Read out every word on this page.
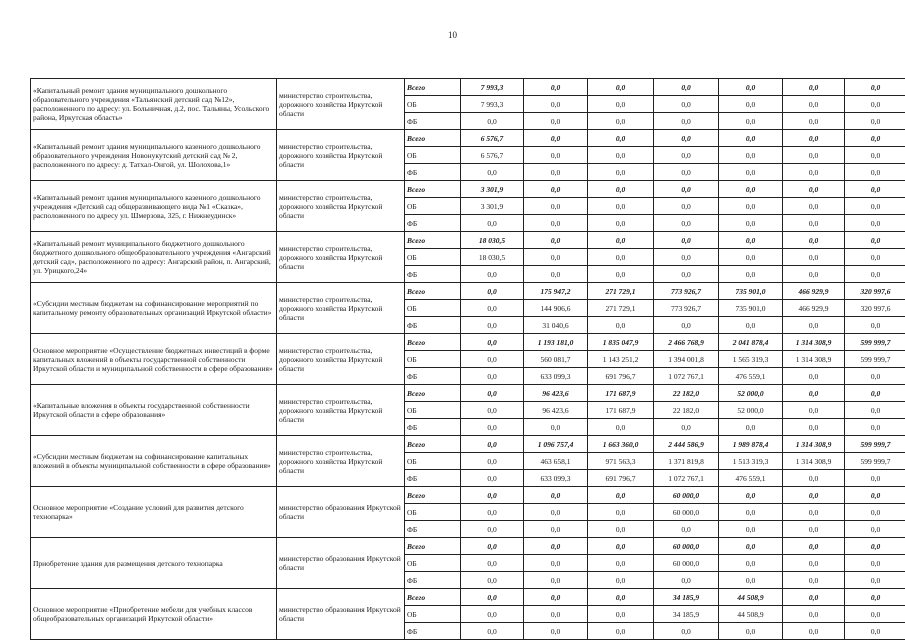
10
«Капитальный ремонт здания муниципального дошкольного образовательного учреждения «Тальянский детский сад №12», расположенного по адресу: ул. Больничная, д.2, пос. Тальяны, Усольского района, Иркутская область»	министерство строительства, дорожного хозяйства Иркутской области	Всего	7 993,3	0,0	0,0	0,0	0,0	0,0	0,0
		ОБ	7 993,3	0,0	0,0	0,0	0,0	0,0	0,0
		ФБ	0,0	0,0	0,0	0,0	0,0	0,0	0,0
«Капитальный ремонт здания муниципального казенного дошкольного образовательного учреждения Новонукутский детский сад № 2, расположенного по адресу: д. Татхал-Онгой, ул. Шолохова,1»	министерство строительства, дорожного хозяйства Иркутской области	Всего	6 576,7	0,0	0,0	0,0	0,0	0,0	0,0
		ОБ	6 576,7	0,0	0,0	0,0	0,0	0,0	0,0
		ФБ	0,0	0,0	0,0	0,0	0,0	0,0	0,0
«Капитальный ремонт здания муниципального казенного дошкольного учреждения «Детский сад общеразвивающего вида №1 «Сказка», расположенного по адресу ул. Шмерзова, 325, г. Нижнеудинск»	министерство строительства, дорожного хозяйства Иркутской области	Всего	3 301,9	0,0	0,0	0,0	0,0	0,0	0,0
		ОБ	3 301,9	0,0	0,0	0,0	0,0	0,0	0,0
		ФБ	0,0	0,0	0,0	0,0	0,0	0,0	0,0
«Капитальный ремонт муниципального бюджетного дошкольного бюджетного дошкольного общеобразовательного учреждения «Ангарский детский сад», расположенного по адресу: Ангарский район, п. Ангарский, ул. Урицкого,24»	министерство строительства, дорожного хозяйства Иркутской области	Всего	18 030,5	0,0	0,0	0,0	0,0	0,0	0,0
		ОБ	18 030,5	0,0	0,0	0,0	0,0	0,0	0,0
		ФБ	0,0	0,0	0,0	0,0	0,0	0,0	0,0
«Субсидии местным бюджетам на софинансирование мероприятий по капитальному ремонту образовательных организаций Иркутской области»	министерство строительства, дорожного хозяйства Иркутской области	Всего	0,0	175 947,2	271 729,1	773 926,7	735 901,0	466 929,9	320 997,6
		ОБ	0,0	144 906,6	271 729,1	773 926,7	735 901,0	466 929,9	320 997,6
		ФБ	0,0	31 040,6	0,0	0,0	0,0	0,0	0,0
Основное мероприятие «Осуществление бюджетных инвестиций в форме капитальных вложений в объекты государственной собственности Иркутской области и муниципальной собственности в сфере образования»	министерство строительства, дорожного хозяйства Иркутской области	Всего	0,0	1 193 181,0	1 835 047,9	2 466 768,9	2 041 878,4	1 314 308,9	599 999,7
		ОБ	0,0	560 081,7	1 143 251,2	1 394 001,8	1 565 319,3	1 314 308,9	599 999,7
		ФБ	0,0	633 099,3	691 796,7	1 072 767,1	476 559,1	0,0	0,0
«Капитальные вложения в объекты государственной собственности Иркутской области в сфере образования»	министерство строительства, дорожного хозяйства Иркутской области	Всего	0,0	96 423,6	171 687,9	22 182,0	52 000,0	0,0	0,0
		ОБ	0,0	96 423,6	171 687,9	22 182,0	52 000,0	0,0	0,0
		ФБ	0,0	0,0	0,0	0,0	0,0	0,0	0,0
«Субсидии местным бюджетам на софинансирование капитальных вложений в объекты муниципальной собственности в сфере образования»	министерство строительства, дорожного хозяйства Иркутской области	Всего	0,0	1 096 757,4	1 663 360,0	2 444 586,9	1 989 878,4	1 314 308,9	599 999,7
		ОБ	0,0	463 658,1	971 563,3	1 371 819,8	1 513 319,3	1 314 308,9	599 999,7
		ФБ	0,0	633 099,3	691 796,7	1 072 767,1	476 559,1	0,0	0,0
Основное мероприятие «Создание условий для развития детского технопарка»	министерство образования Иркутской области	Всего	0,0	0,0	0,0	60 000,0	0,0	0,0	0,0
		ОБ	0,0	0,0	0,0	60 000,0	0,0	0,0	0,0
		ФБ	0,0	0,0	0,0	0,0	0,0	0,0	0,0
Приобретение здания для размещения детского технопарка	министерство образования Иркутской области	Всего	0,0	0,0	0,0	60 000,0	0,0	0,0	0,0
		ОБ	0,0	0,0	0,0	60 000,0	0,0	0,0	0,0
		ФБ	0,0	0,0	0,0	0,0	0,0	0,0	0,0
Основное мероприятие «Приобретение мебели для учебных классов общеобразовательных организаций Иркутской области»	министерство образования Иркутской области	Всего	0,0	0,0	0,0	34 185,9	44 508,9	0,0	0,0
		ОБ	0,0	0,0	0,0	34 185,9	44 508,9	0,0	0,0
		ФБ	0,0	0,0	0,0	0,0	0,0	0,0	0,0
